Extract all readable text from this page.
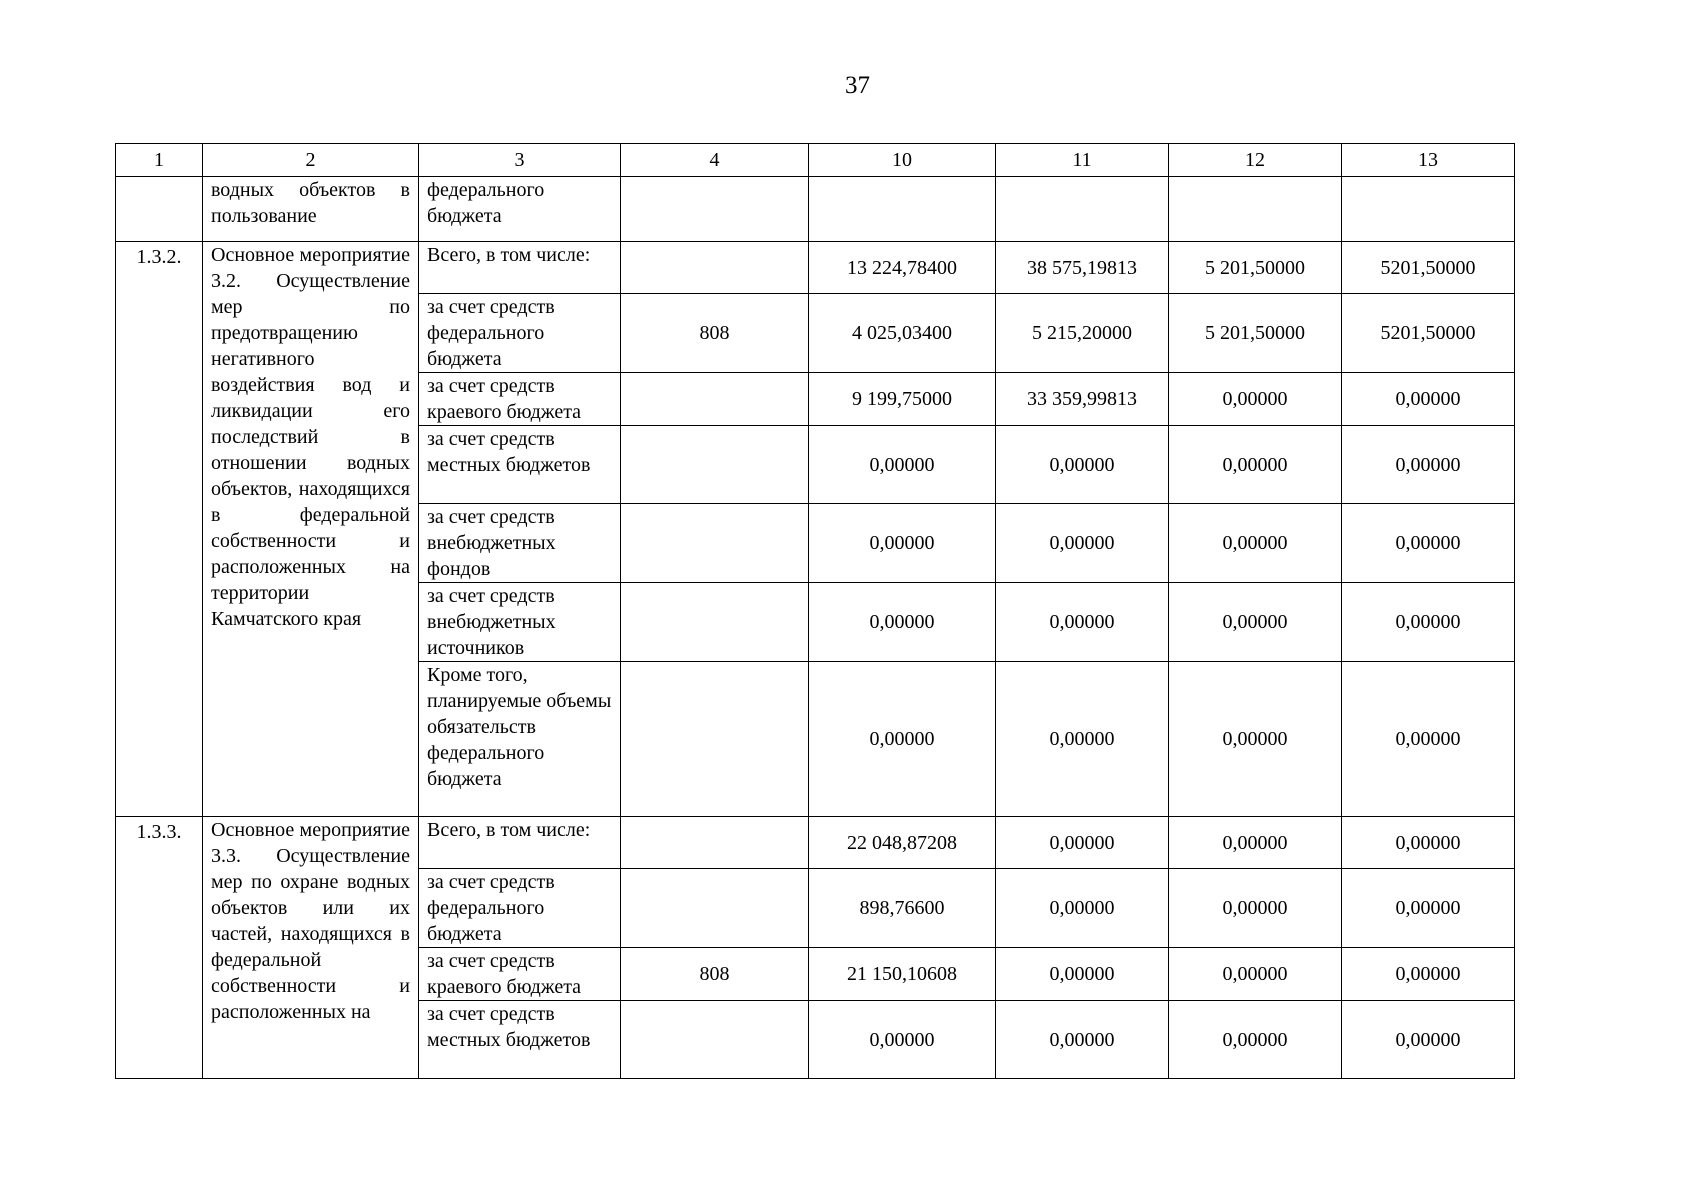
37
1	2	3	4	10	11	12	13
	водных объектов в пользование	федерального бюджета					
1.3.2.	Основное мероприятие 3.2. Осуществление мер по предотвращению негативного воздействия вод и ликвидации его последствий в отношении водных объектов, находящихся в федеральной собственности и расположенных на территории Камчатского края	Всего, в том числе:		13 224,78400	38 575,19813	5 201,50000	5201,50000
		за счет средств федерального бюджета	808	4 025,03400	5 215,20000	5 201,50000	5201,50000
		за счет средств краевого бюджета		9 199,75000	33 359,99813	0,00000	0,00000
		за счет средств местных бюджетов		0,00000	0,00000	0,00000	0,00000
		за счет средств внебюджетных фондов		0,00000	0,00000	0,00000	0,00000
		за счет средств внебюджетных источников		0,00000	0,00000	0,00000	0,00000
		Кроме того, планируемые объемы обязательств федерального бюджета		0,00000	0,00000	0,00000	0,00000
1.3.3.	Основное мероприятие 3.3. Осуществление мер по охране водных объектов или их частей, находящихся в федеральной собственности и расположенных на	Всего, в том числе:		22 048,87208	0,00000	0,00000	0,00000
		за счет средств федерального бюджета		898,76600	0,00000	0,00000	0,00000
		за счет средств краевого бюджета	808	21 150,10608	0,00000	0,00000	0,00000
		за счет средств местных бюджетов		0,00000	0,00000	0,00000	0,00000
